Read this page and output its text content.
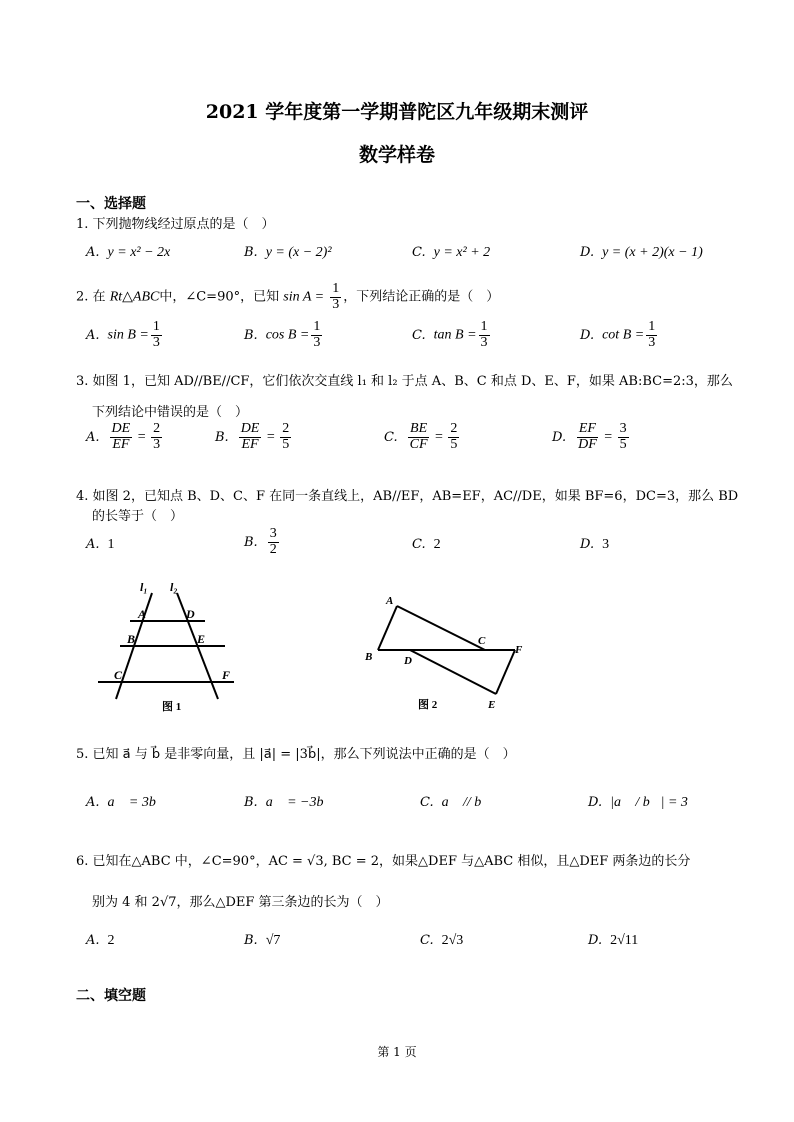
2021 学年度第一学期普陀区九年级期末测评
数学样卷
一、选择题
1. 下列抛物线经过原点的是（　）
A. y = x² − 2x	B. y = (x − 2)²	C. y = x² + 2	D. y = (x + 2)(x − 1)
2. 在 Rt△ABC中，∠C=90°，已知 $\sin A = \frac{1}{3}$ ，下列结论正确的是（　）
A. $\sin B = \frac{1}{3}$	B. $\cos B = \frac{1}{3}$	C. $\tan B = \frac{1}{3}$	D. $\cot B = \frac{1}{3}$
3. 如图 1，已知 AD//BE//CF，它们依次交直线 l₁ 和 l₂ 于点 A、B、C 和点 D、E、F，如果 AB:BC=2:3，那么
下列结论中错误的是（　）
A. $\frac{DE}{EF} = \frac{2}{3}$	B. $\frac{DE}{EF} = \frac{2}{5}$	C. $\frac{BE}{CF} = \frac{2}{5}$	D. $\frac{EF}{DF} = \frac{3}{5}$
4. 如图 2，已知点 B、D、C、F 在同一条直线上，AB//EF，AB=EF，AC//DE，如果 BF=6，DC=3，那么 BD
的长等于（　）
A. 1	B. $\frac{3}{2}$	C. 2	D. 3
l₁ l₂
A	D
B	E
C	F
图 1
A
B
C
D
F
E
图 2
5. 已知 a⃗ 与 b⃗ 是非零向量，且 |a⃗| = |3b⃗|，那么下列说法中正确的是（　）
A. a⃗ = 3b⃗	B. a⃗ = −3b⃗	C. a⃗ // b⃗	D. |a⃗ / b⃗| = 3
6. 已知在△ABC 中，∠C=90°，AC = √3, BC = 2，如果△DEF 与△ABC 相似，且△DEF 两条边的长分
别为 4 和 2√7，那么△DEF 第三条边的长为（　）
A. 2	B. √7	C. 2√3	D. 2√11
二、填空题
第 1 页
